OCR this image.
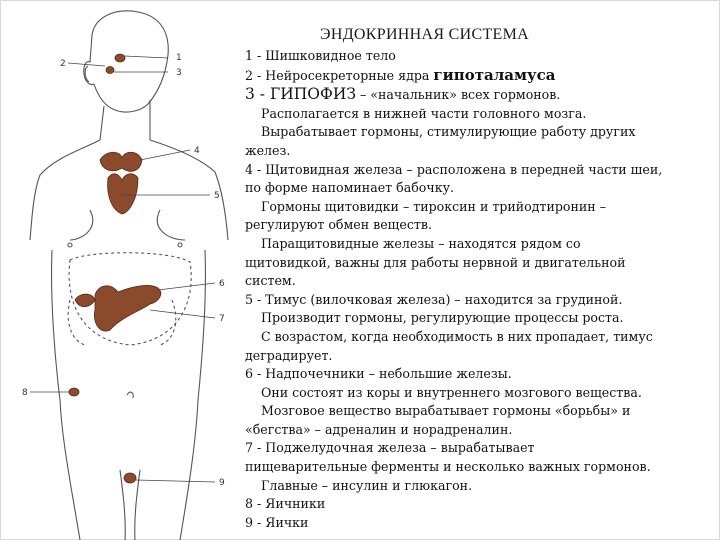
1
2
3
4
5
6
7
8
9
ЭНДОКРИННАЯ СИСТЕМА

1 - Шишковидное тело

2 - Нейросекреторные ядра гипоталамуса

3 - ГИПОФИЗ – «начальник» всех гормонов.

Располагается в нижней части головного мозга.

Вырабатывает гормоны, стимулирующие работу других

желез.

4 - Щитовидная железа – расположена в передней части шеи,

по форме напоминает бабочку.

Гормоны щитовидки – тироксин и трийодтиронин –

регулируют обмен веществ.

Паращитовидные железы – находятся рядом со

щитовидкой, важны для работы нервной и двигательной

систем.

5 - Тимус (вилочковая железа) – находится за грудиной.

Производит гормоны, регулирующие процессы роста.

С возрастом, когда необходимость в них пропадает, тимус

деградирует.

6 - Надпочечники – небольшие железы.

Они состоят из коры и внутреннего мозгового вещества.

Мозговое вещество вырабатывает гормоны «борьбы» и

«бегства» – адреналин и норадреналин.

7 - Поджелудочная железа – вырабатывает

пищеварительные ферменты и несколько важных гормонов.

Главные – инсулин и глюкагон.

8 - Яичники

9 - Яички
